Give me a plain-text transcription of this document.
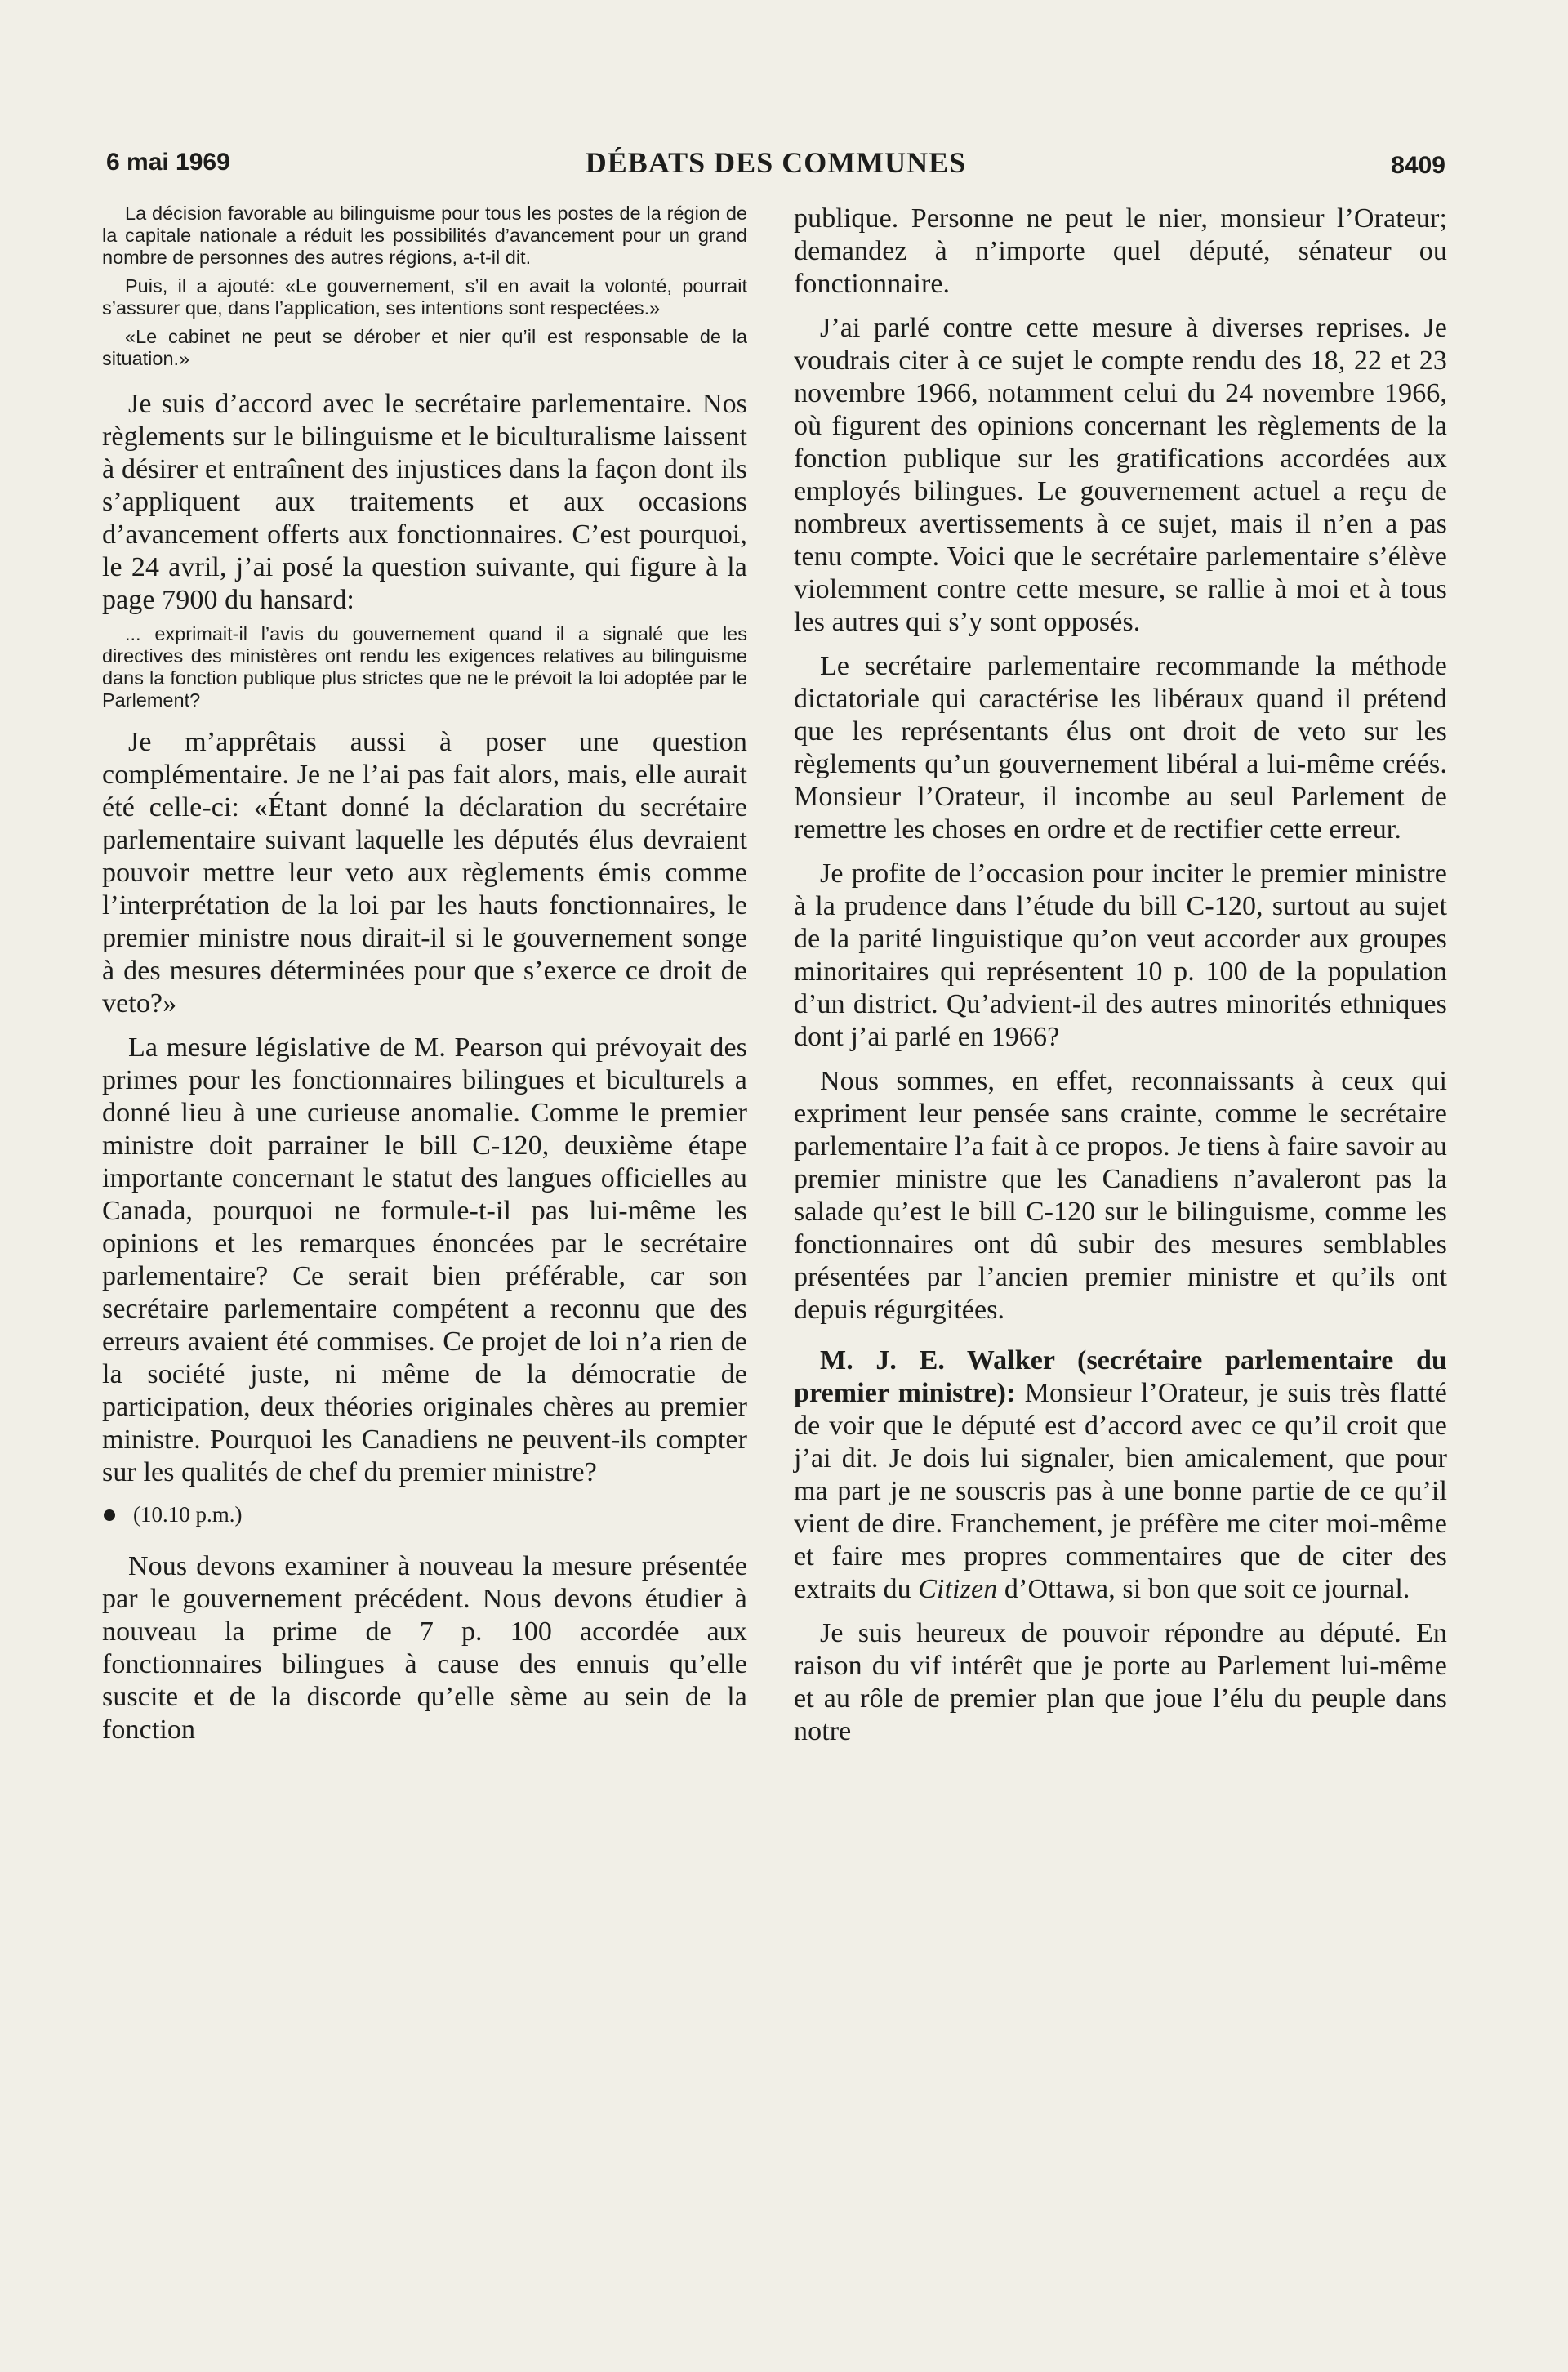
6 mai 1969	DÉBATS DES COMMUNES	8409

La décision favorable au bilinguisme pour tous les postes de la région de la capitale nationale a réduit les possibilités d’avancement pour un grand nombre de personnes des autres régions, a-t-il dit.

Puis, il a ajouté: «Le gouvernement, s’il en avait la volonté, pourrait s’assurer que, dans l’application, ses intentions sont respectées.»

«Le cabinet ne peut se dérober et nier qu’il est responsable de la situation.»

Je suis d’accord avec le secrétaire parlementaire. Nos règlements sur le bilinguisme et le biculturalisme laissent à désirer et entraînent des injustices dans la façon dont ils s’appliquent aux traitements et aux occasions d’avancement offerts aux fonctionnaires. C’est pourquoi, le 24 avril, j’ai posé la question suivante, qui figure à la page 7900 du hansard:

... exprimait-il l’avis du gouvernement quand il a signalé que les directives des ministères ont rendu les exigences relatives au bilinguisme dans la fonction publique plus strictes que ne le prévoit la loi adoptée par le Parlement?

Je m’apprêtais aussi à poser une question complémentaire. Je ne l’ai pas fait alors, mais, elle aurait été celle-ci: «Étant donné la déclaration du secrétaire parlementaire suivant laquelle les députés élus devraient pouvoir mettre leur veto aux règlements émis comme l’interprétation de la loi par les hauts fonctionnaires, le premier ministre nous dirait-il si le gouvernement songe à des mesures déterminées pour que s’exerce ce droit de veto?»

La mesure législative de M. Pearson qui prévoyait des primes pour les fonctionnaires bilingues et biculturels a donné lieu à une curieuse anomalie. Comme le premier ministre doit parrainer le bill C-120, deuxième étape importante concernant le statut des langues officielles au Canada, pourquoi ne formule-t-il pas lui-même les opinions et les remarques énoncées par le secrétaire parlementaire? Ce serait bien préférable, car son secrétaire parlementaire compétent a reconnu que des erreurs avaient été commises. Ce projet de loi n’a rien de la société juste, ni même de la démocratie de participation, deux théories originales chères au premier ministre. Pourquoi les Canadiens ne peuvent-ils compter sur les qualités de chef du premier ministre?

(10.10 p.m.)

Nous devons examiner à nouveau la mesure présentée par le gouvernement précédent. Nous devons étudier à nouveau la prime de 7 p. 100 accordée aux fonctionnaires bilingues à cause des ennuis qu’elle suscite et de la discorde qu’elle sème au sein de la fonction

publique. Personne ne peut le nier, monsieur l’Orateur; demandez à n’importe quel député, sénateur ou fonctionnaire.

J’ai parlé contre cette mesure à diverses reprises. Je voudrais citer à ce sujet le compte rendu des 18, 22 et 23 novembre 1966, notamment celui du 24 novembre 1966, où figurent des opinions concernant les règlements de la fonction publique sur les gratifications accordées aux employés bilingues. Le gouvernement actuel a reçu de nombreux avertissements à ce sujet, mais il n’en a pas tenu compte. Voici que le secrétaire parlementaire s’élève violemment contre cette mesure, se rallie à moi et à tous les autres qui s’y sont opposés.

Le secrétaire parlementaire recommande la méthode dictatoriale qui caractérise les libéraux quand il prétend que les représentants élus ont droit de veto sur les règlements qu’un gouvernement libéral a lui-même créés. Monsieur l’Orateur, il incombe au seul Parlement de remettre les choses en ordre et de rectifier cette erreur.

Je profite de l’occasion pour inciter le premier ministre à la prudence dans l’étude du bill C-120, surtout au sujet de la parité linguistique qu’on veut accorder aux groupes minoritaires qui représentent 10 p. 100 de la population d’un district. Qu’advient-il des autres minorités ethniques dont j’ai parlé en 1966?

Nous sommes, en effet, reconnaissants à ceux qui expriment leur pensée sans crainte, comme le secrétaire parlementaire l’a fait à ce propos. Je tiens à faire savoir au premier ministre que les Canadiens n’avaleront pas la salade qu’est le bill C-120 sur le bilinguisme, comme les fonctionnaires ont dû subir des mesures semblables présentées par l’ancien premier ministre et qu’ils ont depuis régurgitées.

M. J. E. Walker (secrétaire parlementaire du premier ministre): Monsieur l’Orateur, je suis très flatté de voir que le député est d’accord avec ce qu’il croit que j’ai dit. Je dois lui signaler, bien amicalement, que pour ma part je ne souscris pas à une bonne partie de ce qu’il vient de dire. Franchement, je préfère me citer moi-même et faire mes propres commentaires que de citer des extraits du Citizen d’Ottawa, si bon que soit ce journal.

Je suis heureux de pouvoir répondre au député. En raison du vif intérêt que je porte au Parlement lui-même et au rôle de premier plan que joue l’élu du peuple dans notre
